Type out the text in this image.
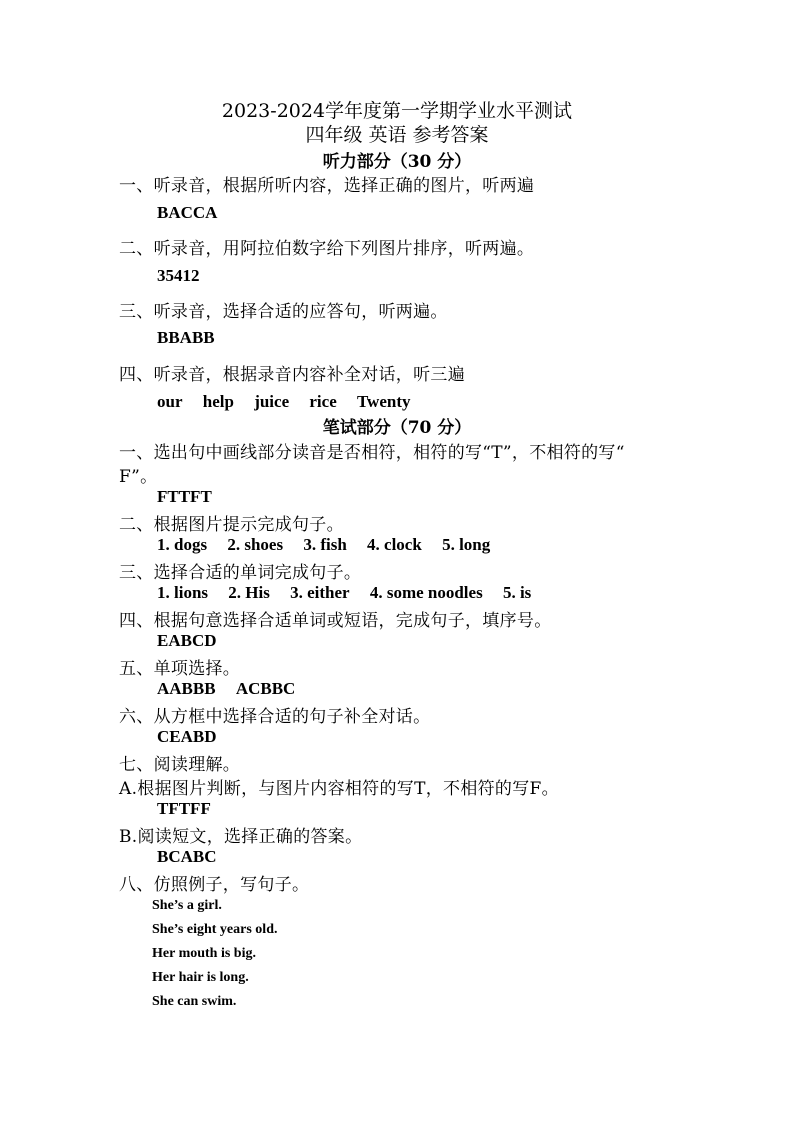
2023-2024学年度第一学期学业水平测试
四年级 英语 参考答案
听力部分（30 分）
一、听录音，根据所听内容，选择正确的图片，听两遍
BACCA
二、听录音，用阿拉伯数字给下列图片排序，听两遍。
35412
三、听录音，选择合适的应答句，听两遍。
BBABB
四、听录音，根据录音内容补全对话，听三遍
our help juice rice Twenty
笔试部分（70 分）
一、选出句中画线部分读音是否相符，相符的写“T”，不相符的写“
F”。
FTTFT
二、根据图片提示完成句子。
1. dogs 2. shoes 3. fish 4. clock 5. long
三、选择合适的单词完成句子。
1. lions 2. His 3. either 4. some noodles 5. is
四、根据句意选择合适单词或短语，完成句子，填序号。
EABCD
五、单项选择。
AABBB ACBBC
六、从方框中选择合适的句子补全对话。
CEABD
七、阅读理解。
A.根据图片判断，与图片内容相符的写T，不相符的写F。
TFTFF
B.阅读短文，选择正确的答案。
BCABC
八、仿照例子，写句子。
She’s a girl.
She’s eight years old.
Her mouth is big.
Her hair is long.
She can swim.
